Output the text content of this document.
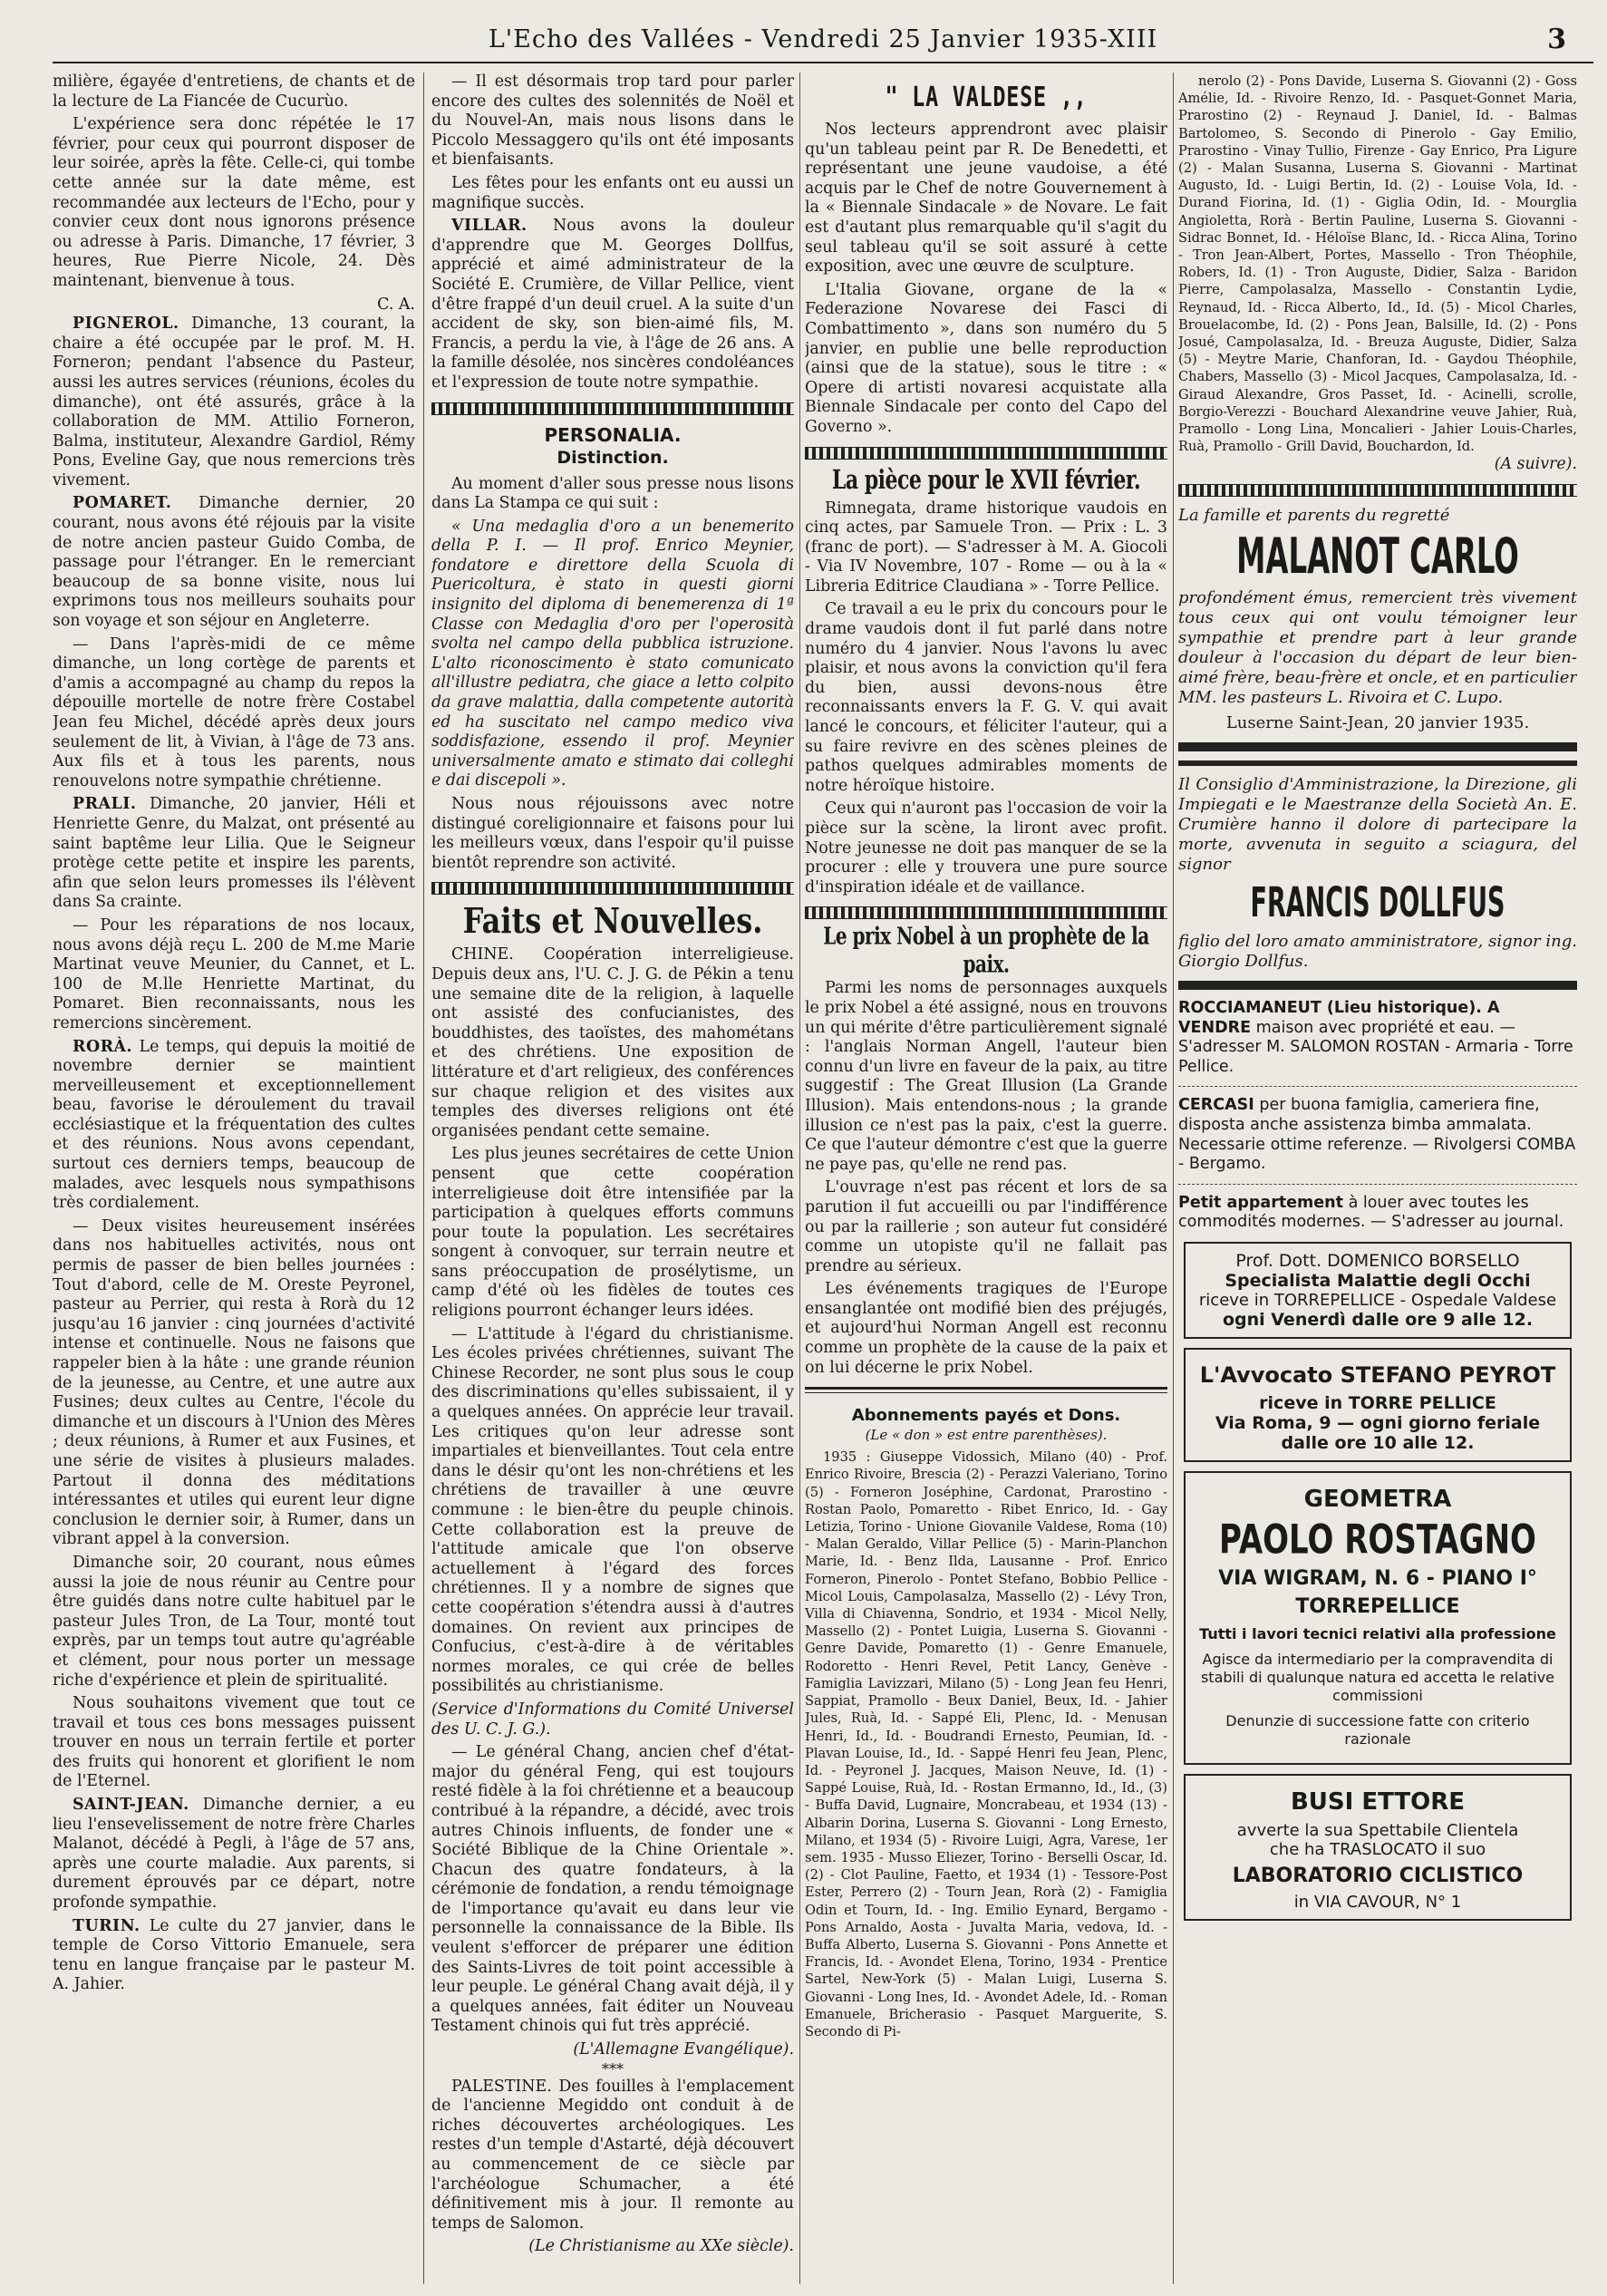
L'Echo des Vallées - Vendredi 25 Janvier 1935-XIII	3

milière, égayée d'entretiens, de chants et de la lecture de La Fiancée de Cucurùo.

L'expérience sera donc répétée le 17 février, pour ceux qui pourront disposer de leur soirée, après la fête. Celle-ci, qui tombe cette année sur la date même, est recommandée aux lecteurs de l'Echo, pour y convier ceux dont nous ignorons présence ou adresse à Paris. Dimanche, 17 février, 3 heures, Rue Pierre Nicole, 24. Dès maintenant, bienvenue à tous.

C. A.

PIGNEROL. Dimanche, 13 courant, la chaire a été occupée par le prof. M. H. Forneron; pendant l'absence du Pasteur, aussi les autres services (réunions, écoles du dimanche), ont été assurés, grâce à la collaboration de MM. Attilio Forneron, Balma, instituteur, Alexandre Gardiol, Rémy Pons, Eveline Gay, que nous remercions très vivement.

POMARET. Dimanche dernier, 20 courant, nous avons été réjouis par la visite de notre ancien pasteur Guido Comba, de passage pour l'étranger. En le remerciant beaucoup de sa bonne visite, nous lui exprimons tous nos meilleurs souhaits pour son voyage et son séjour en Angleterre.

— Dans l'après-midi de ce même dimanche, un long cortège de parents et d'amis a accompagné au champ du repos la dépouille mortelle de notre frère Costabel Jean feu Michel, décédé après deux jours seulement de lit, à Vivian, à l'âge de 73 ans. Aux fils et à tous les parents, nous renouvelons notre sympathie chrétienne.

PRALI. Dimanche, 20 janvier, Héli et Henriette Genre, du Malzat, ont présenté au saint baptême leur Lilia. Que le Seigneur protège cette petite et inspire les parents, afin que selon leurs promesses ils l'élèvent dans Sa crainte.

— Pour les réparations de nos locaux, nous avons déjà reçu L. 200 de M.me Marie Martinat veuve Meunier, du Cannet, et L. 100 de M.lle Henriette Martinat, du Pomaret. Bien reconnaissants, nous les remercions sincèrement.

RORÀ. Le temps, qui depuis la moitié de novembre dernier se maintient merveilleusement et exceptionnellement beau, favorise le déroulement du travail ecclésiastique et la fréquentation des cultes et des réunions. Nous avons cependant, surtout ces derniers temps, beaucoup de malades, avec lesquels nous sympathisons très cordialement.

— Deux visites heureusement insérées dans nos habituelles activités, nous ont permis de passer de bien belles journées : Tout d'abord, celle de M. Oreste Peyronel, pasteur au Perrier, qui resta à Rorà du 12 jusqu'au 16 janvier : cinq journées d'activité intense et continuelle. Nous ne faisons que rappeler bien à la hâte : une grande réunion de la jeunesse, au Centre, et une autre aux Fusines; deux cultes au Centre, l'école du dimanche et un discours à l'Union des Mères ; deux réunions, à Rumer et aux Fusines, et une série de visites à plusieurs malades. Partout il donna des méditations intéressantes et utiles qui eurent leur digne conclusion le dernier soir, à Rumer, dans un vibrant appel à la conversion.

Dimanche soir, 20 courant, nous eûmes aussi la joie de nous réunir au Centre pour être guidés dans notre culte habituel par le pasteur Jules Tron, de La Tour, monté tout exprès, par un temps tout autre qu'agréable et clément, pour nous porter un message riche d'expérience et plein de spiritualité.

Nous souhaitons vivement que tout ce travail et tous ces bons messages puissent trouver en nous un terrain fertile et porter des fruits qui honorent et glorifient le nom de l'Eternel.

SAINT-JEAN. Dimanche dernier, a eu lieu l'ensevelissement de notre frère Charles Malanot, décédé à Pegli, à l'âge de 57 ans, après une courte maladie. Aux parents, si durement éprouvés par ce départ, notre profonde sympathie.

TURIN. Le culte du 27 janvier, dans le temple de Corso Vittorio Emanuele, sera tenu en langue française par le pasteur M. A. Jahier.

— Il est désormais trop tard pour parler encore des cultes des solennités de Noël et du Nouvel-An, mais nous lisons dans le Piccolo Messaggero qu'ils ont été imposants et bienfaisants.

Les fêtes pour les enfants ont eu aussi un magnifique succès.

VILLAR. Nous avons la douleur d'apprendre que M. Georges Dollfus, apprécié et aimé administrateur de la Société E. Crumière, de Villar Pellice, vient d'être frappé d'un deuil cruel. A la suite d'un accident de sky, son bien-aimé fils, M. Francis, a perdu la vie, à l'âge de 26 ans. A la famille désolée, nos sincères condoléances et l'expression de toute notre sympathie.

PERSONALIA.
Distinction.

Au moment d'aller sous presse nous lisons dans La Stampa ce qui suit :

« Una medaglia d'oro a un benemerito della P. I. — Il prof. Enrico Meynier, fondatore e direttore della Scuola di Puericoltura, è stato in questi giorni insignito del diploma di benemerenza di 1ª Classe con Medaglia d'oro per l'operosità svolta nel campo della pubblica istruzione. L'alto riconoscimento è stato comunicato all'illustre pediatra, che giace a letto colpito da grave malattia, dalla competente autorità ed ha suscitato nel campo medico viva soddisfazione, essendo il prof. Meynier universalmente amato e stimato dai colleghi e dai discepoli ».

Nous nous réjouissons avec notre distingué coreligionnaire et faisons pour lui les meilleurs vœux, dans l'espoir qu'il puisse bientôt reprendre son activité.

Faits et Nouvelles.

CHINE. Coopération interreligieuse. Depuis deux ans, l'U. C. J. G. de Pékin a tenu une semaine dite de la religion, à laquelle ont assisté des confucianistes, des bouddhistes, des taoïstes, des mahométans et des chrétiens. Une exposition de littérature et d'art religieux, des conférences sur chaque religion et des visites aux temples des diverses religions ont été organisées pendant cette semaine.

Les plus jeunes secrétaires de cette Union pensent que cette coopération interreligieuse doit être intensifiée par la participation à quelques efforts communs pour toute la population. Les secrétaires songent à convoquer, sur terrain neutre et sans préoccupation de prosélytisme, un camp d'été où les fidèles de toutes ces religions pourront échanger leurs idées.

— L'attitude à l'égard du christianisme. Les écoles privées chrétiennes, suivant The Chinese Recorder, ne sont plus sous le coup des discriminations qu'elles subissaient, il y a quelques années. On apprécie leur travail. Les critiques qu'on leur adresse sont impartiales et bienveillantes. Tout cela entre dans le désir qu'ont les non-chrétiens et les chrétiens de travailler à une œuvre commune : le bien-être du peuple chinois. Cette collaboration est la preuve de l'attitude amicale que l'on observe actuellement à l'égard des forces chrétiennes. Il y a nombre de signes que cette coopération s'étendra aussi à d'autres domaines. On revient aux principes de Confucius, c'est-à-dire à de véritables normes morales, ce qui crée de belles possibilités au christianisme.

(Service d'Informations du Comité Universel des U. C. J. G.).

— Le général Chang, ancien chef d'état-major du général Feng, qui est toujours resté fidèle à la foi chrétienne et a beaucoup contribué à la répandre, a décidé, avec trois autres Chinois influents, de fonder une « Société Biblique de la Chine Orientale ». Chacun des quatre fondateurs, à la cérémonie de fondation, a rendu témoignage de l'importance qu'avait eu dans leur vie personnelle la connaissance de la Bible. Ils veulent s'efforcer de préparer une édition des Saints-Livres de toit point accessible à leur peuple. Le général Chang avait déjà, il y a quelques années, fait éditer un Nouveau Testament chinois qui fut très apprécié.

(L'Allemagne Evangélique).
***

PALESTINE. Des fouilles à l'emplacement de l'ancienne Megiddo ont conduit à de riches découvertes archéologiques. Les restes d'un temple d'Astarté, déjà découvert au commencement de ce siècle par l'archéologue Schumacher, a été définitivement mis à jour. Il remonte au temps de Salomon.

(Le Christianisme au XXe siècle).
" LA VALDESE ,,

Nos lecteurs apprendront avec plaisir qu'un tableau peint par R. De Benedetti, et représentant une jeune vaudoise, a été acquis par le Chef de notre Gouvernement à la « Biennale Sindacale » de Novare. Le fait est d'autant plus remarquable qu'il s'agit du seul tableau qu'il se soit assuré à cette exposition, avec une œuvre de sculpture.

L'Italia Giovane, organe de la « Federazione Novarese dei Fasci di Combattimento », dans son numéro du 5 janvier, en publie une belle reproduction (ainsi que de la statue), sous le titre : « Opere di artisti novaresi acquistate alla Biennale Sindacale per conto del Capo del Governo ».

La pièce pour le XVII février.

Rimnegata, drame historique vaudois en cinq actes, par Samuele Tron. — Prix : L. 3 (franc de port). — S'adresser à M. A. Giocoli - Via IV Novembre, 107 - Rome — ou à la « Libreria Editrice Claudiana » - Torre Pellice.

Ce travail a eu le prix du concours pour le drame vaudois dont il fut parlé dans notre numéro du 4 janvier. Nous l'avons lu avec plaisir, et nous avons la conviction qu'il fera du bien, aussi devons-nous être reconnaissants envers la F. G. V. qui avait lancé le concours, et féliciter l'auteur, qui a su faire revivre en des scènes pleines de pathos quelques admirables moments de notre héroïque histoire.

Ceux qui n'auront pas l'occasion de voir la pièce sur la scène, la liront avec profit. Notre jeunesse ne doit pas manquer de se la procurer : elle y trouvera une pure source d'inspiration idéale et de vaillance.

Le prix Nobel à un prophète de la paix.

Parmi les noms de personnages auxquels le prix Nobel a été assigné, nous en trouvons un qui mérite d'être particulièrement signalé : l'anglais Norman Angell, l'auteur bien connu d'un livre en faveur de la paix, au titre suggestif : The Great Illusion (La Grande Illusion). Mais entendons-nous ; la grande illusion ce n'est pas la paix, c'est la guerre. Ce que l'auteur démontre c'est que la guerre ne paye pas, qu'elle ne rend pas.

L'ouvrage n'est pas récent et lors de sa parution il fut accueilli ou par l'indifférence ou par la raillerie ; son auteur fut considéré comme un utopiste qu'il ne fallait pas prendre au sérieux.

Les événements tragiques de l'Europe ensanglantée ont modifié bien des préjugés, et aujourd'hui Norman Angell est reconnu comme un prophète de la cause de la paix et on lui décerne le prix Nobel.

Abonnements payés et Dons.
(Le « don » est entre parenthèses).

1935 : Giuseppe Vidossich, Milano (40) - Prof. Enrico Rivoire, Brescia (2) - Perazzi Valeriano, Torino (5) - Forneron Joséphine, Cardonat, Prarostino - Rostan Paolo, Pomaretto - Ribet Enrico, Id. - Gay Letizia, Torino - Unione Giovanile Valdese, Roma (10) - Malan Geraldo, Villar Pellice (5) - Marin-Planchon Marie, Id. - Benz Ilda, Lausanne - Prof. Enrico Forneron, Pinerolo - Pontet Stefano, Bobbio Pellice - Micol Louis, Campolasalza, Massello (2) - Lévy Tron, Villa di Chiavenna, Sondrio, et 1934 - Micol Nelly, Massello (2) - Pontet Luigia, Luserna S. Giovanni - Genre Davide, Pomaretto (1) - Genre Emanuele, Rodoretto - Henri Revel, Petit Lancy, Genève - Famiglia Lavizzari, Milano (5) - Long Jean feu Henri, Sappiat, Pramollo - Beux Daniel, Beux, Id. - Jahier Jules, Ruà, Id. - Sappé Eli, Plenc, Id. - Menusan Henri, Id., Id. - Boudrandi Ernesto, Peumian, Id. - Plavan Louise, Id., Id. - Sappé Henri feu Jean, Plenc, Id. - Peyronel J. Jacques, Maison Neuve, Id. (1) - Sappé Louise, Ruà, Id. - Rostan Ermanno, Id., Id., (3) - Buffa David, Lugnaire, Moncrabeau, et 1934 (13) - Albarin Dorina, Luserna S. Giovanni - Long Ernesto, Milano, et 1934 (5) - Rivoire Luigi, Agra, Varese, 1er sem. 1935 - Musso Eliezer, Torino - Berselli Oscar, Id. (2) - Clot Pauline, Faetto, et 1934 (1) - Tessore-Post Ester, Perrero (2) - Tourn Jean, Rorà (2) - Famiglia Odin et Tourn, Id. - Ing. Emilio Eynard, Bergamo - Pons Arnaldo, Aosta - Juvalta Maria, vedova, Id. - Buffa Alberto, Luserna S. Giovanni - Pons Annette et Francis, Id. - Avondet Elena, Torino, 1934 - Prentice Sartel, New-York (5) - Malan Luigi, Luserna S. Giovanni - Long Ines, Id. - Avondet Adele, Id. - Roman Emanuele, Bricherasio - Pasquet Marguerite, S. Secondo di Pi-

nerolo (2) - Pons Davide, Luserna S. Giovanni (2) - Goss Amélie, Id. - Rivoire Renzo, Id. - Pasquet-Gonnet Maria, Prarostino (2) - Reynaud J. Daniel, Id. - Balmas Bartolomeo, S. Secondo di Pinerolo - Gay Emilio, Prarostino - Vinay Tullio, Firenze - Gay Enrico, Pra Ligure (2) - Malan Susanna, Luserna S. Giovanni - Martinat Augusto, Id. - Luigi Bertin, Id. (2) - Louise Vola, Id. - Durand Fiorina, Id. (1) - Giglia Odin, Id. - Mourglia Angioletta, Rorà - Bertin Pauline, Luserna S. Giovanni - Sidrac Bonnet, Id. - Héloïse Blanc, Id. - Ricca Alina, Torino - Tron Jean-Albert, Portes, Massello - Tron Théophile, Robers, Id. (1) - Tron Auguste, Didier, Salza - Baridon Pierre, Campolasalza, Massello - Constantin Lydie, Reynaud, Id. - Ricca Alberto, Id., Id. (5) - Micol Charles, Brouelacombe, Id. (2) - Pons Jean, Balsille, Id. (2) - Pons Josué, Campolasalza, Id. - Breuza Auguste, Didier, Salza (5) - Meytre Marie, Chanforan, Id. - Gaydou Théophile, Chabers, Massello (3) - Micol Jacques, Campolasalza, Id. - Giraud Alexandre, Gros Passet, Id. - Acinelli, scrolle, Borgio-Verezzi - Bouchard Alexandrine veuve Jahier, Ruà, Pramollo - Long Lina, Moncalieri - Jahier Louis-Charles, Ruà, Pramollo - Grill David, Bouchardon, Id.

(A suivre).
La famille et parents du regretté
MALANOT CARLO
profondément émus, remercient très vivement tous ceux qui ont voulu témoigner leur sympathie et prendre part à leur grande douleur à l'occasion du départ de leur bien-aimé frère, beau-frère et oncle, et en particulier MM. les pasteurs L. Rivoira et C. Lupo.
Luserne Saint-Jean, 20 janvier 1935.
Il Consiglio d'Amministrazione, la Direzione, gli Impiegati e le Maestranze della Società An. E. Crumière hanno il dolore di partecipare la morte, avvenuta in seguito a sciagura, del signor
FRANCIS DOLLFUS
figlio del loro amato amministratore, signor ing. Giorgio Dollfus.
ROCCIAMANEUT (Lieu historique). A VENDRE maison avec propriété et eau. — S'adresser M. SALOMON ROSTAN - Armaria - Torre Pellice.
CERCASI per buona famiglia, cameriera fine, disposta anche assistenza bimba ammalata. Necessarie ottime referenze. — Rivolgersi COMBA - Bergamo.
Petit appartement à louer avec toutes les commodités modernes. — S'adresser au journal.
Prof. Dott. DOMENICO BORSELLO
Specialista Malattie degli Occhi
riceve in TORREPELLICE - Ospedale Valdese
ogni Venerdì dalle ore 9 alle 12.
L'Avvocato STEFANO PEYROT
riceve in TORRE PELLICE
Via Roma, 9 — ogni giorno feriale
dalle ore 10 alle 12.
GEOMETRA
PAOLO ROSTAGNO
VIA WIGRAM, N. 6 - PIANO I°
TORREPELLICE
Tutti i lavori tecnici relativi alla professione
Agisce da intermediario per la compravendita di stabili di qualunque natura ed accetta le relative commissioni
Denunzie di successione fatte con criterio razionale
BUSI ETTORE
avverte la sua Spettabile Clientela
che ha TRASLOCATO il suo
LABORATORIO CICLISTICO
in VIA CAVOUR, N° 1
